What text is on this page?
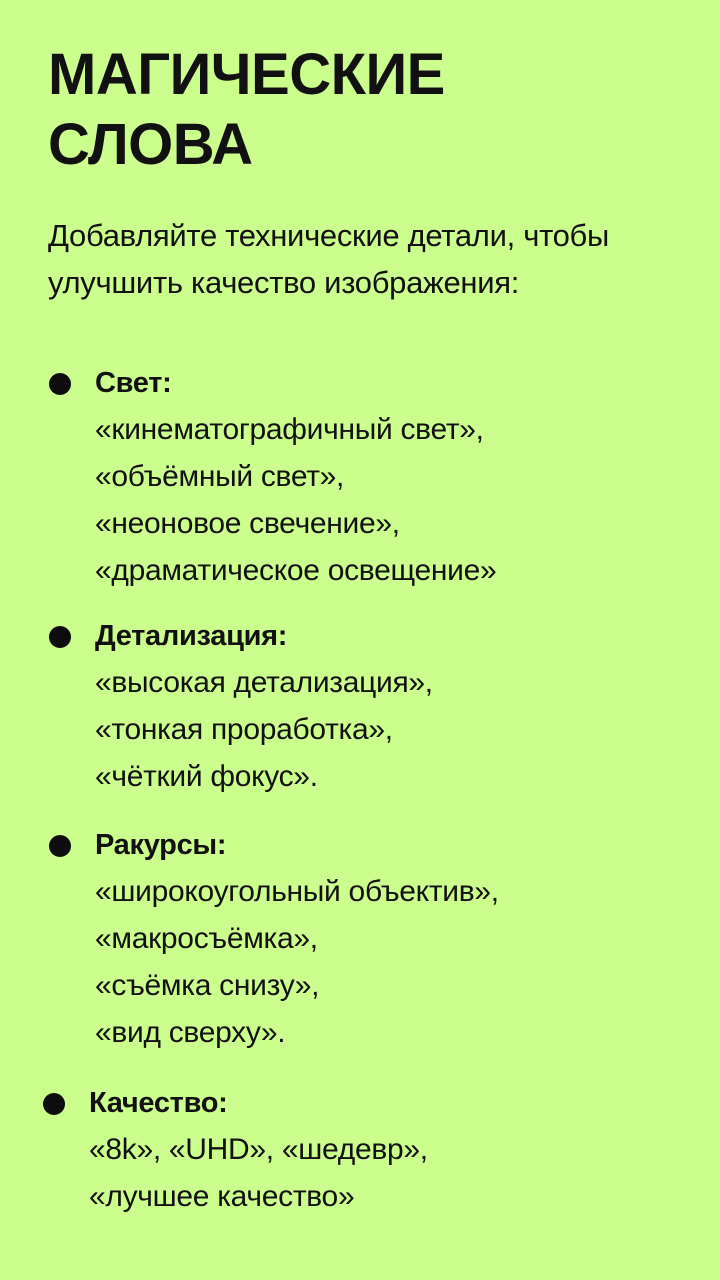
МАГИЧЕСКИЕ
СЛОВА

Добавляйте технические детали, чтобы улучшить качество изображения:

Свет:
«кинематографичный свет»,
«объёмный свет»,
«неоновое свечение»,
«драматическое освещение»
Детализация:
«высокая детализация»,
«тонкая проработка»,
«чёткий фокус».
Ракурсы:
«широкоугольный объектив»,
«макросъёмка»,
«съёмка снизу»,
«вид сверху».
Качество:
«8k», «UHD», «шедевр»,
«лучшее качество»
